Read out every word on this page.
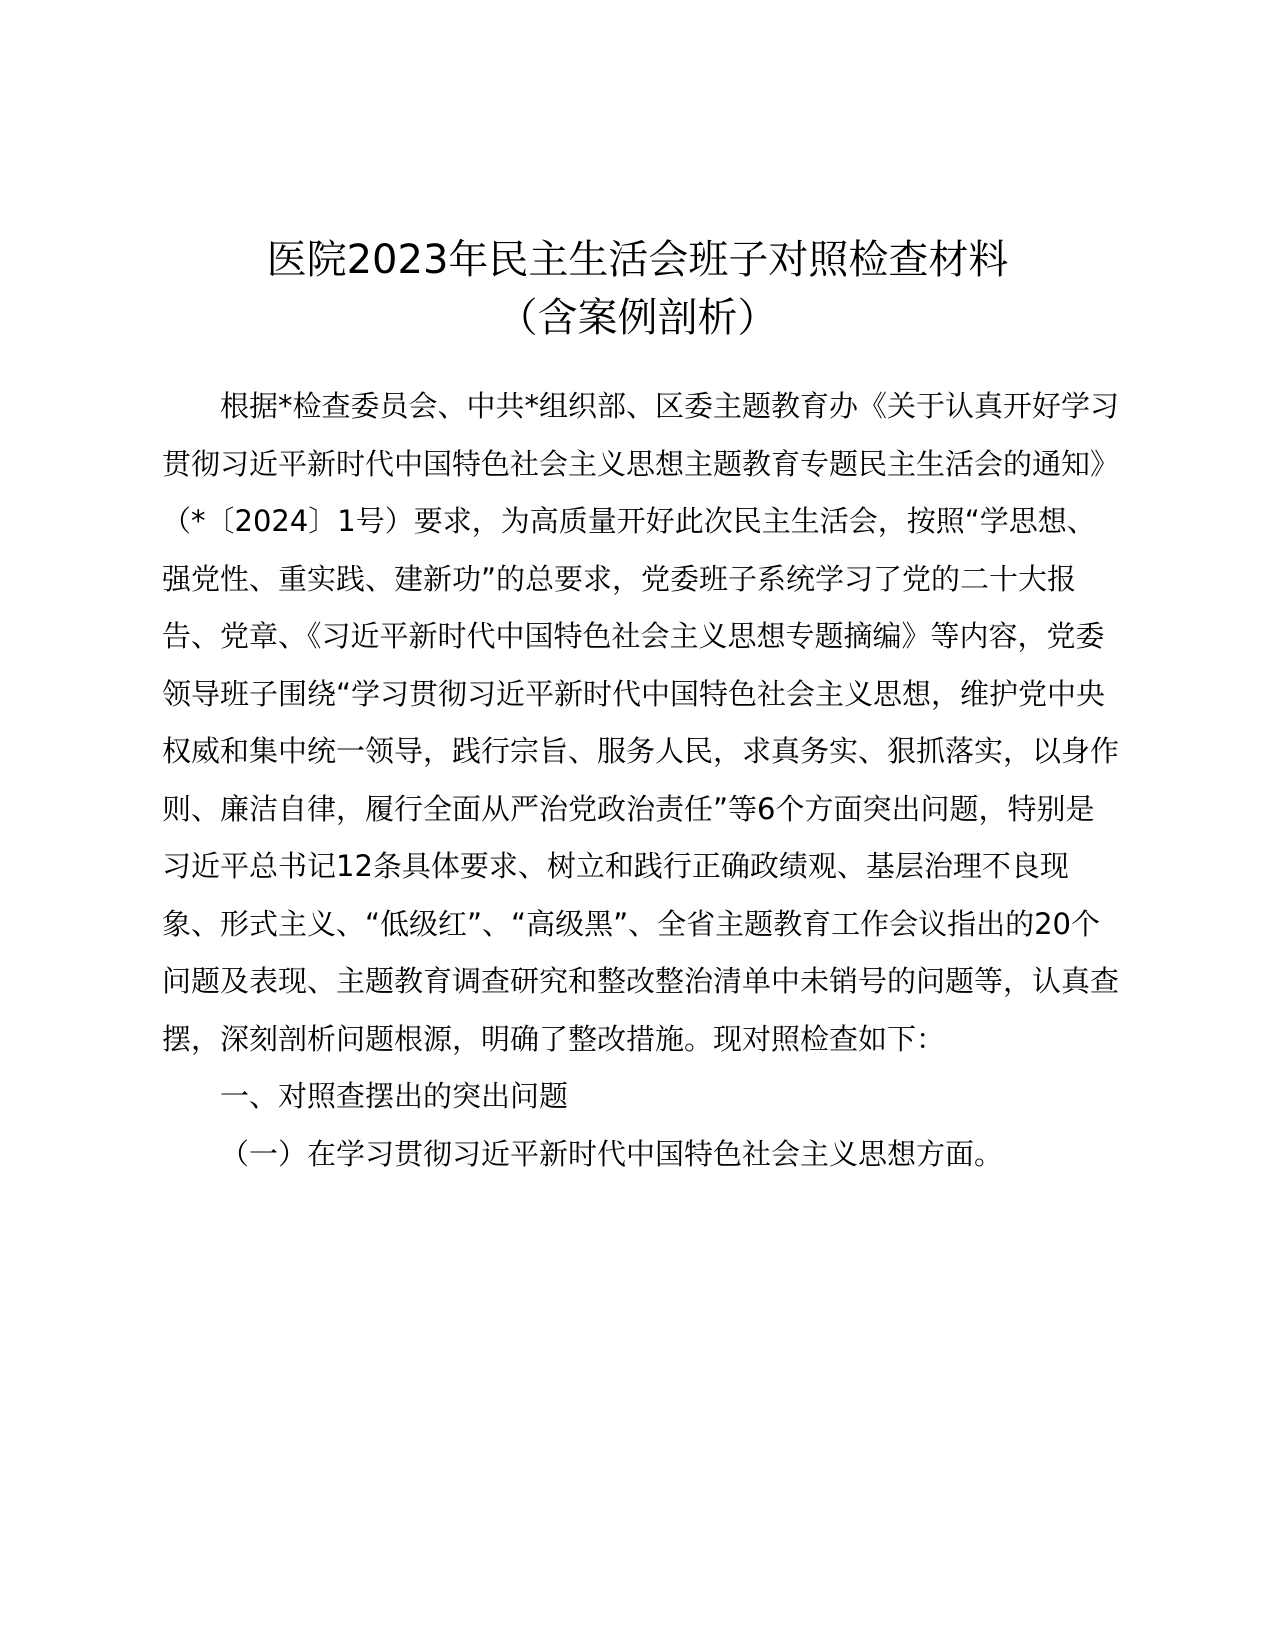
医院2023年民主生活会班子对照检查材料
（含案例剖析）

根据*检查委员会、中共*组织部、区委主题教育办《关于认真开好学习贯彻习近平新时代中国特色社会主义思想主题教育专题民主生活会的通知》（*〔2024〕1号）要求，为高质量开好此次民主生活会，按照“学思想、强党性、重实践、建新功”的总要求，党委班子系统学习了党的二十大报告、党章、《习近平新时代中国特色社会主义思想专题摘编》等内容，党委领导班子围绕“学习贯彻习近平新时代中国特色社会主义思想，维护党中央权威和集中统一领导，践行宗旨、服务人民，求真务实、狠抓落实，以身作则、廉洁自律，履行全面从严治党政治责任”等6个方面突出问题，特别是习近平总书记12条具体要求、树立和践行正确政绩观、基层治理不良现象、形式主义、“低级红”、“高级黑”、全省主题教育工作会议指出的20个问题及表现、主题教育调查研究和整改整治清单中未销号的问题等，认真查摆，深刻剖析问题根源，明确了整改措施。现对照检查如下：

一、对照查摆出的突出问题

（一）在学习贯彻习近平新时代中国特色社会主义思想方面。
